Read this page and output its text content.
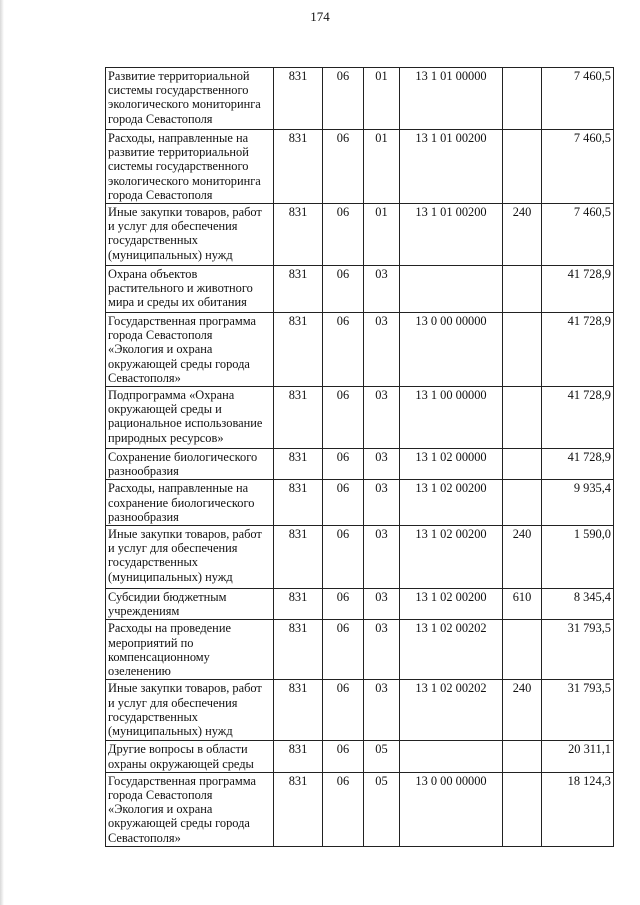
174
Развитие территориальной системы государственного экологического мониторинга города Севастополя	831	06	01	13 1 01 00000		7 460,5
Расходы, направленные на развитие территориальной системы государственного экологического мониторинга города Севастополя	831	06	01	13 1 01 00200		7 460,5
Иные закупки товаров, работ и услуг для обеспечения государственных (муниципальных) нужд	831	06	01	13 1 01 00200	240	7 460,5
Охрана объектов растительного и животного мира и среды их обитания	831	06	03			41 728,9
Государственная программа города Севастополя «Экология и охрана окружающей среды города Севастополя»	831	06	03	13 0 00 00000		41 728,9
Подпрограмма «Охрана окружающей среды и рациональное использование природных ресурсов»	831	06	03	13 1 00 00000		41 728,9
Сохранение биологического разнообразия	831	06	03	13 1 02 00000		41 728,9
Расходы, направленные на сохранение биологического разнообразия	831	06	03	13 1 02 00200		9 935,4
Иные закупки товаров, работ и услуг для обеспечения государственных (муниципальных) нужд	831	06	03	13 1 02 00200	240	1 590,0
Субсидии бюджетным учреждениям	831	06	03	13 1 02 00200	610	8 345,4
Расходы на проведение мероприятий по компенсационному озеленению	831	06	03	13 1 02 00202		31 793,5
Иные закупки товаров, работ и услуг для обеспечения государственных (муниципальных) нужд	831	06	03	13 1 02 00202	240	31 793,5
Другие вопросы в области охраны окружающей среды	831	06	05			20 311,1
Государственная программа города Севастополя «Экология и охрана окружающей среды города Севастополя»	831	06	05	13 0 00 00000		18 124,3
